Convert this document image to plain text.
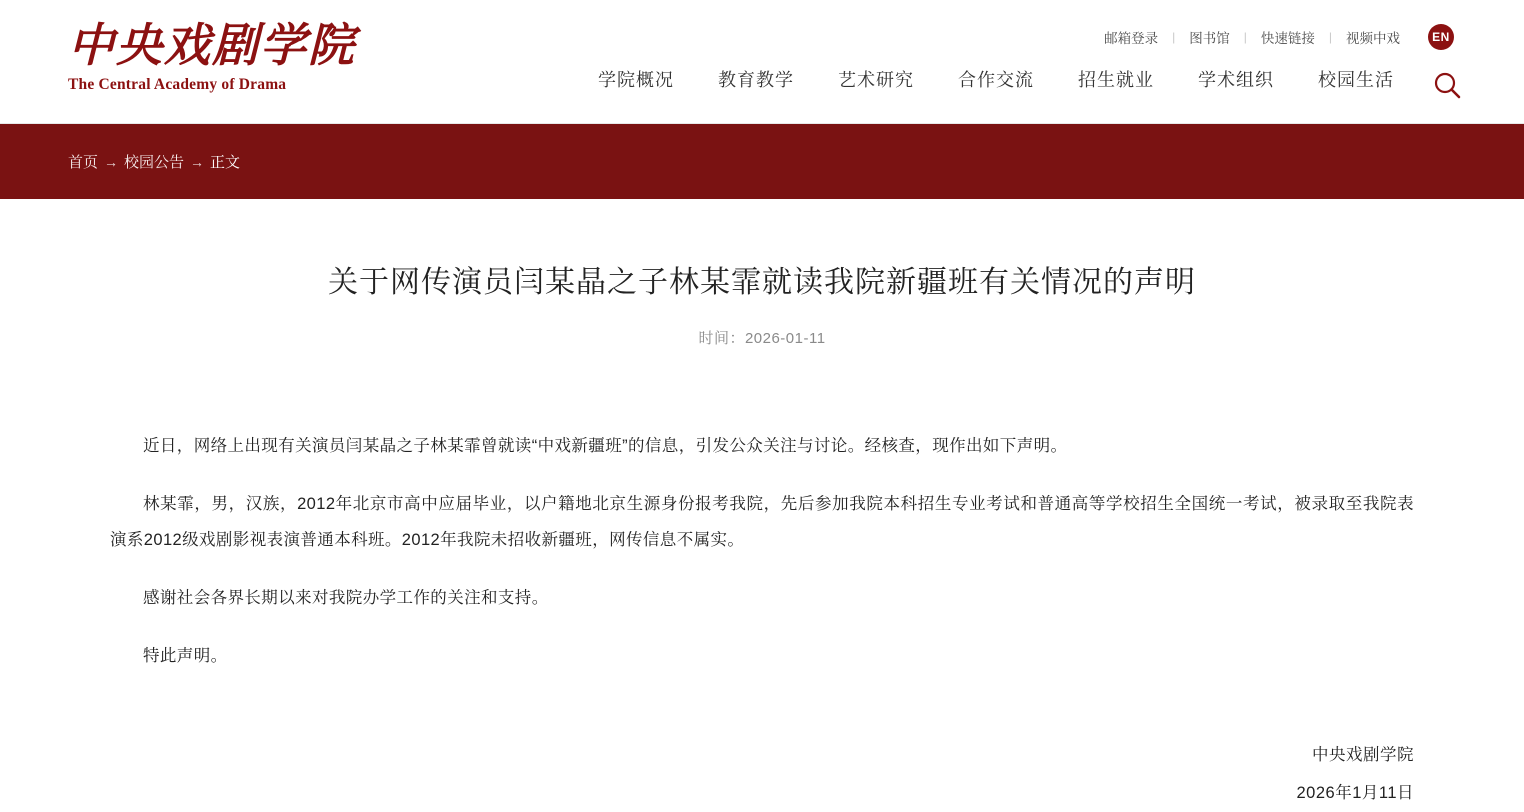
中央戏剧学院
The Central Academy of Drama
邮箱登录	|	图书馆	|	快速链接	|	视频中戏	EN
学院概况	教育教学	艺术研究	合作交流	招生就业	学术组织	校园生活
首页 → 校园公告 → 正文
关于网传演员闫某晶之子林某霏就读我院新疆班有关情况的声明
时间：2026-01-11

近日，网络上出现有关演员闫某晶之子林某霏曾就读“中戏新疆班”的信息，引发公众关注与讨论。经核查，现作出如下声明。

林某霏，男，汉族，2012年北京市高中应届毕业，以户籍地北京生源身份报考我院，先后参加我院本科招生专业考试和普通高等学校招生全国统一考试，被录取至我院表演系2012级戏剧影视表演普通本科班。2012年我院未招收新疆班，网传信息不属实。

感谢社会各界长期以来对我院办学工作的关注和支持。

特此声明。

中央戏剧学院
2026年1月11日
